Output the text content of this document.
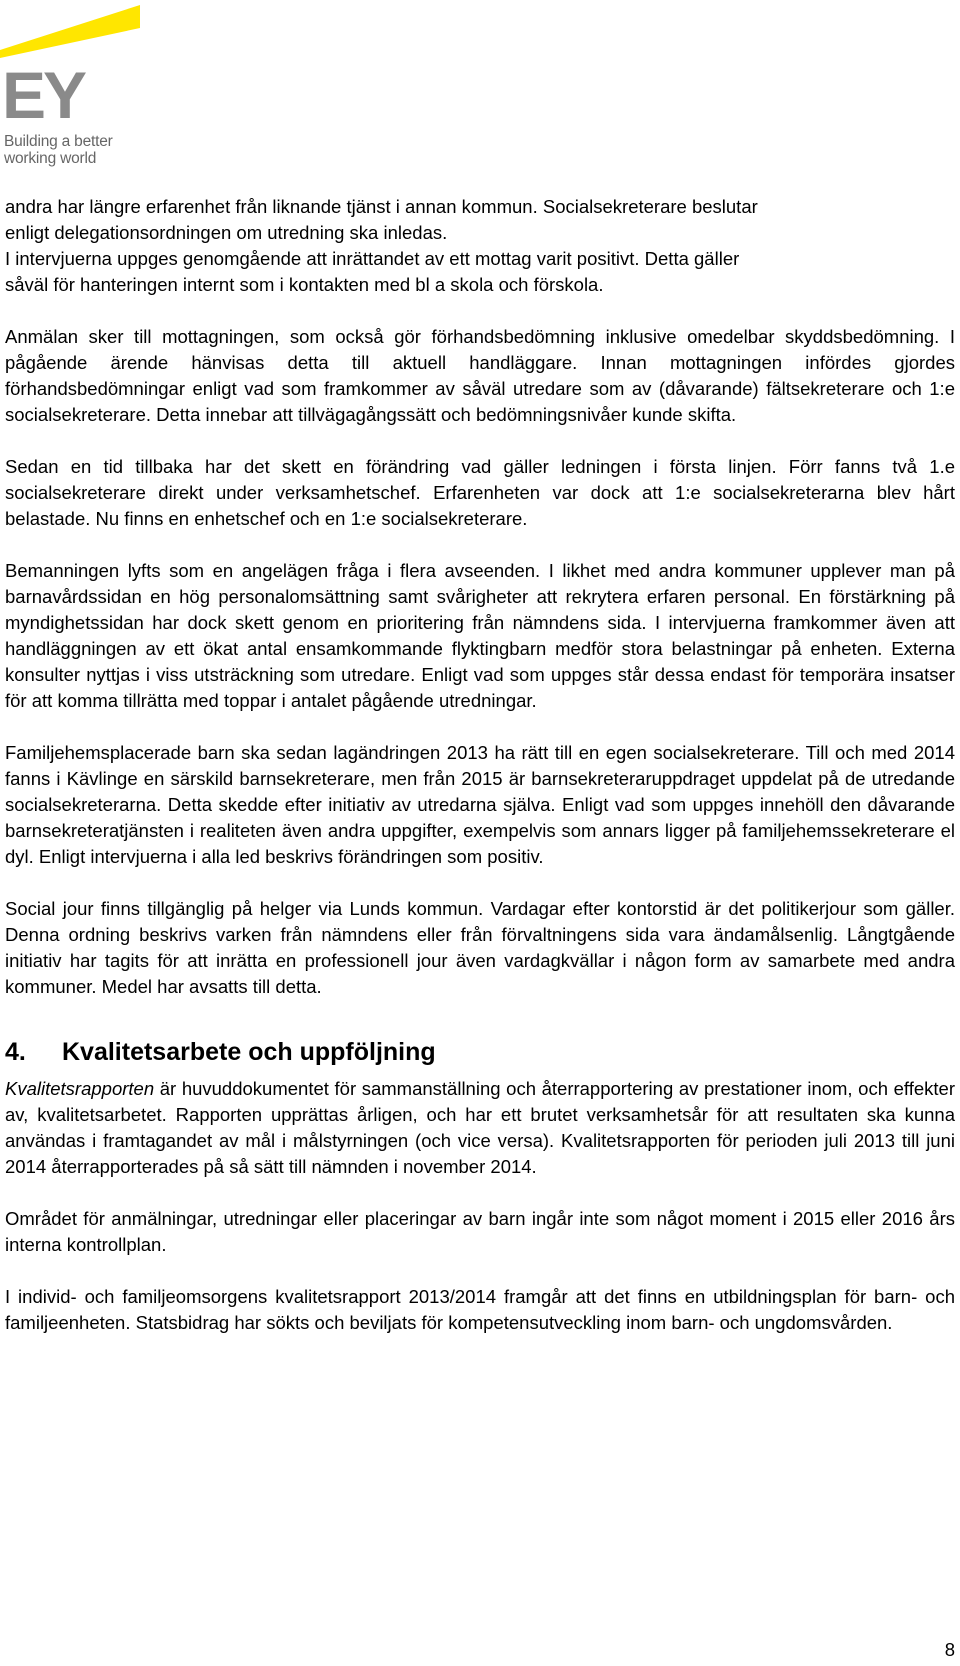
EY
Building a better
working world

andra har längre erfarenhet från liknande tjänst i annan kommun. Socialsekreterare beslutar
enligt delegationsordningen om utredning ska inledas.
I intervjuerna uppges genomgående att inrättandet av ett mottag varit positivt. Detta gäller
såväl för hanteringen internt som i kontakten med bl a skola och förskola.

Anmälan sker till mottagningen, som också gör förhandsbedömning inklusive omedelbar skyddsbedömning. I pågående ärende hänvisas detta till aktuell handläggare. Innan mottagningen infördes gjordes förhandsbedömningar enligt vad som framkommer av såväl utredare som av (dåvarande) fältsekreterare och 1:e socialsekreterare. Detta innebar att tillvägagångssätt och bedömningsnivåer kunde skifta.

Sedan en tid tillbaka har det skett en förändring vad gäller ledningen i första linjen. Förr fanns två 1.e socialsekreterare direkt under verksamhetschef. Erfarenheten var dock att 1:e socialsekreterarna blev hårt belastade. Nu finns en enhetschef och en 1:e socialsekreterare.

Bemanningen lyfts som en angelägen fråga i flera avseenden. I likhet med andra kommuner upplever man på barnavårdssidan en hög personalomsättning samt svårigheter att rekrytera erfaren personal. En förstärkning på myndighetssidan har dock skett genom en prioritering från nämndens sida. I intervjuerna framkommer även att handläggningen av ett ökat antal ensamkommande flyktingbarn medför stora belastningar på enheten. Externa konsulter nyttjas i viss utsträckning som utredare. Enligt vad som uppges står dessa endast för temporära insatser för att komma tillrätta med toppar i antalet pågående utredningar.

Familjehemsplacerade barn ska sedan lagändringen 2013 ha rätt till en egen socialsekreterare. Till och med 2014 fanns i Kävlinge en särskild barnsekreterare, men från 2015 är barnsekreteraruppdraget uppdelat på de utredande socialsekreterarna. Detta skedde efter initiativ av utredarna själva. Enligt vad som uppges innehöll den dåvarande barnsekreteratjänsten i realiteten även andra uppgifter, exempelvis som annars ligger på familjehemssekreterare el dyl. Enligt intervjuerna i alla led beskrivs förändringen som positiv.

Social jour finns tillgänglig på helger via Lunds kommun. Vardagar efter kontorstid är det politikerjour som gäller. Denna ordning beskrivs varken från nämndens eller från förvaltningens sida vara ändamålsenlig. Långtgående initiativ har tagits för att inrätta en professionell jour även vardagkvällar i någon form av samarbete med andra kommuner. Medel har avsatts till detta.

4. Kvalitetsarbete och uppföljning

Kvalitetsrapporten är huvuddokumentet för sammanställning och återrapportering av prestationer inom, och effekter av, kvalitetsarbetet. Rapporten upprättas årligen, och har ett brutet verksamhetsår för att resultaten ska kunna användas i framtagandet av mål i målstyrningen (och vice versa). Kvalitetsrapporten för perioden juli 2013 till juni 2014 återrapporterades på så sätt till nämnden i november 2014.

Området för anmälningar, utredningar eller placeringar av barn ingår inte som något moment i 2015 eller 2016 års interna kontrollplan.

I individ- och familjeomsorgens kvalitetsrapport 2013/2014 framgår att det finns en utbildningsplan för barn- och familjeenheten. Statsbidrag har sökts och beviljats för kompetensutveckling inom barn- och ungdomsvården.

8
